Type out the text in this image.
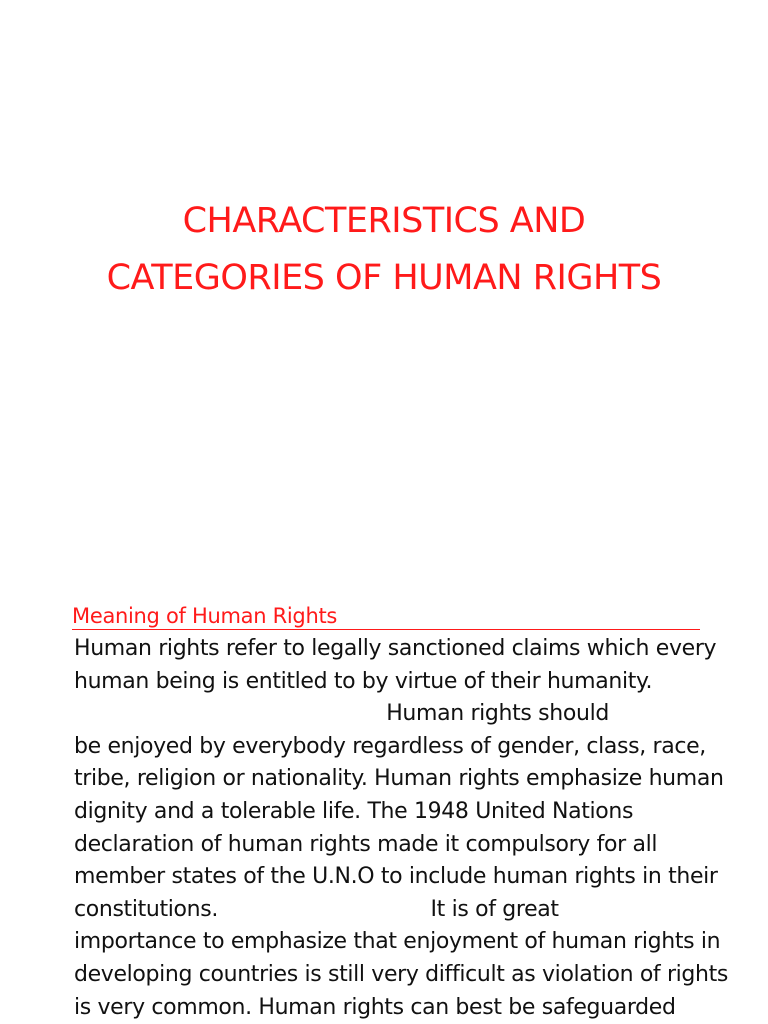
CHARACTERISTICS AND
CATEGORIES OF HUMAN RIGHTS
Meaning of Human Rights
Human rights refer to legally sanctioned claims which every
human being is entitled to by virtue of their humanity.
Human rights should
be enjoyed by everybody regardless of gender, class, race,
tribe, religion or nationality. Human rights emphasize human
dignity and a tolerable life. The 1948 United Nations
declaration of human rights made it compulsory for all
member states of the U.N.O to include human rights in their
constitutions.                                It is of great
importance to emphasize that enjoyment of human rights in
developing countries is still very difficult as violation of rights
is very common. Human rights can best be safeguarded
